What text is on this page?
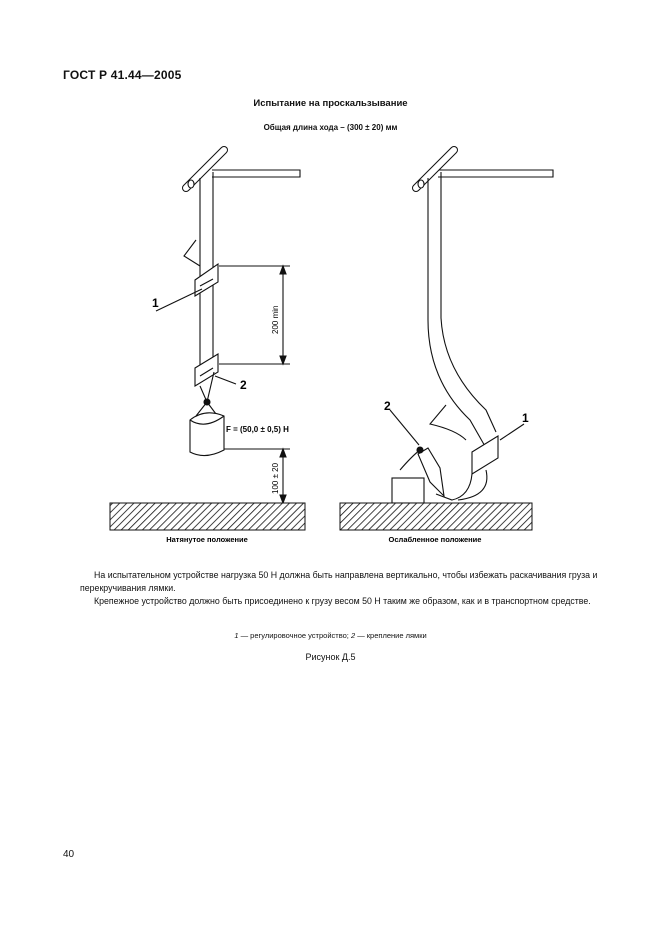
ГОСТ Р 41.44—2005
Испытание на проскальзывание
Общая длина хода – (300 ± 20) мм
1
2
200 min
F = (50,0 ± 0,5) Н
100 ± 20
Натянутое положение
2
1
Ослабленное положение

На испытательном устройстве нагрузка 50 Н должна быть направлена вертикально, чтобы избежать раскачивания груза и перекручивания лямки.

Крепежное устройство должно быть присоединено к грузу весом 50 Н таким же образом, как и в транспортном средстве.

1 — регулировочное устройство; 2 — крепление лямки
Рисунок Д.5
40
